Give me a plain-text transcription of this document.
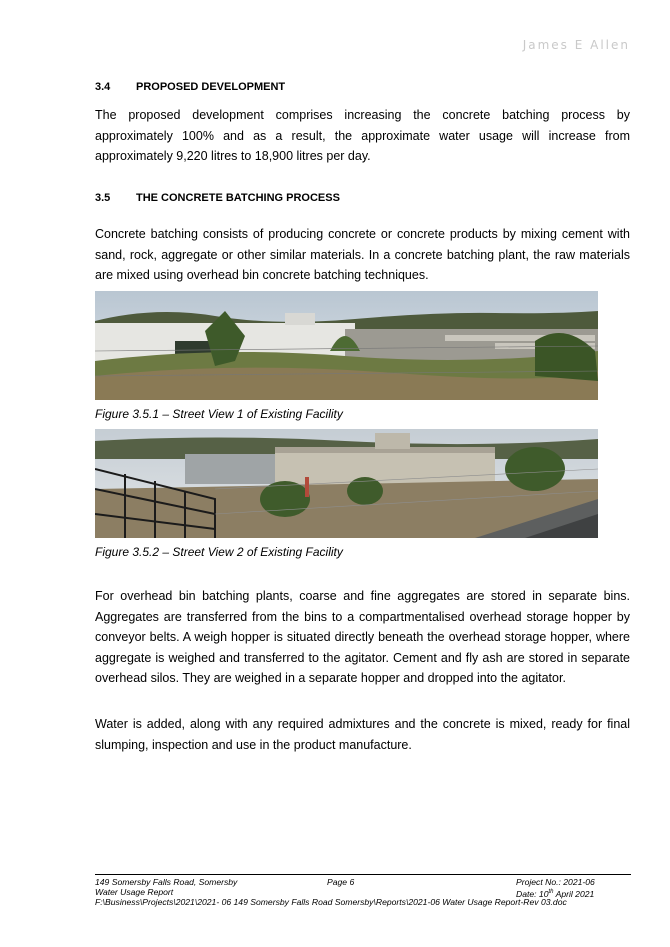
James E Allen
3.4 PROPOSED DEVELOPMENT

The proposed development comprises increasing the concrete batching process by approximately 100% and as a result, the approximate water usage will increase from approximately 9,220 litres to 18,900 litres per day.

3.5 THE CONCRETE BATCHING PROCESS

Concrete batching consists of producing concrete or concrete products by mixing cement with sand, rock, aggregate or other similar materials. In a concrete batching plant, the raw materials are mixed using overhead bin concrete batching techniques.

Figure 3.5.1 – Street View 1 of Existing Facility
Figure 3.5.2 – Street View 2 of Existing Facility

For overhead bin batching plants, coarse and fine aggregates are stored in separate bins. Aggregates are transferred from the bins to a compartmentalised overhead storage hopper by conveyor belts. A weigh hopper is situated directly beneath the overhead storage hopper, where aggregate is weighed and transferred to the agitator. Cement and fly ash are stored in separate overhead silos. They are weighed in a separate hopper and dropped into the agitator.

Water is added, along with any required admixtures and the concrete is mixed, ready for final slumping, inspection and use in the product manufacture.

149 Somersby Falls Road, Somersby	Page 6	Project No.: 2021-06
Water Usage Report	Date: 10th April 2021
F:\Business\Projects\2021\2021- 06 149 Somersby Falls Road Somersby\Reports\2021-06 Water Usage Report-Rev 03.doc
